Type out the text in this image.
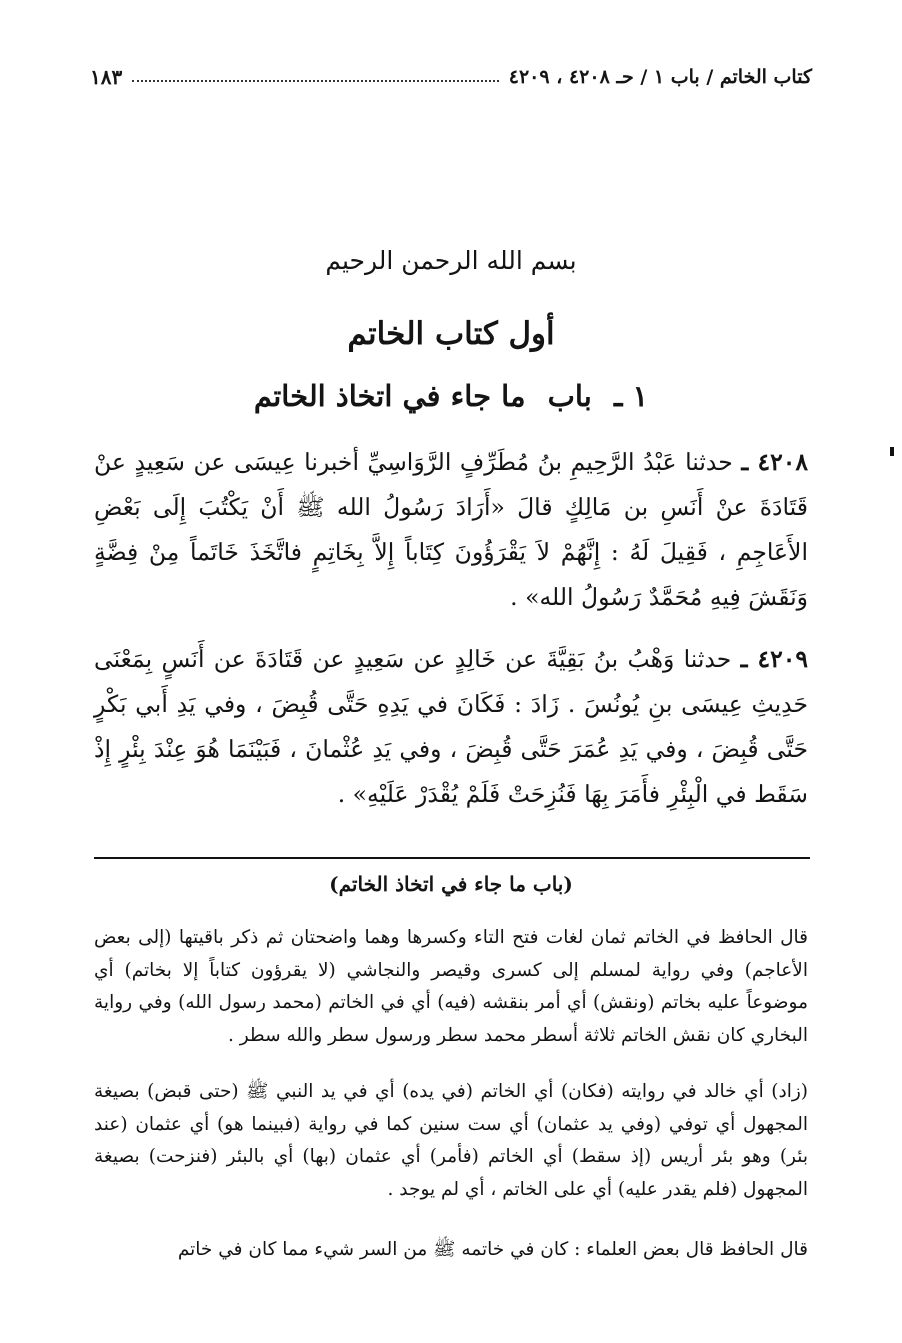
كتاب الخاتم / باب ١ / حـ ٤٢٠٨ ، ٤٢٠٩
١٨٣
بسم الله الرحمن الرحيم
أول كتاب الخاتم
١ ـ باب ما جاء في اتخاذ الخاتم
٤٢٠٨ ـ حدثنا عَبْدُ الرَّحِيمِ بنُ مُطَرِّفٍ الرَّوَاسِيِّ أخبرنا عِيسَى عن سَعِيدٍ عنْ قَتَادَةَ عنْ أَنَسِ بن مَالِكٍ قالَ «أَرَادَ رَسُولُ الله ﷺ أَنْ يَكْتُبَ إِلَى بَعْضِ الأَعَاجِمِ ، فَقِيلَ لَهُ : إِنَّهُمْ لاَ يَقْرَؤُونَ كِتَاباً إِلاَّ بِخَاتِمٍ فاتَّخَذَ خَاتَماً مِنْ فِضَّةٍ وَنَقَشَ فِيهِ مُحَمَّدٌ رَسُولُ الله» .
٤٢٠٩ ـ حدثنا وَهْبُ بنُ بَقِيَّةَ عن خَالِدٍ عن سَعِيدٍ عن قَتَادَةَ عن أَنَسٍ بِمَعْنَى حَدِيثِ عِيسَى بنِ يُونُسَ . زَادَ : فَكَانَ في يَدِهِ حَتَّى قُبِضَ ، وفي يَدِ أَبي بَكْرٍ حَتَّى قُبِضَ ، وفي يَدِ عُمَرَ حَتَّى قُبِضَ ، وفي يَدِ عُثْمانَ ، فَبَيْنَمَا هُوَ عِنْدَ بِئْرٍ إِذْ سَقَط في الْبِئْرِ فأَمَرَ بِهَا فَنُزِحَتْ فَلَمْ يُقْدَرْ عَلَيْهِ» .
(باب ما جاء في اتخاذ الخاتم)

قال الحافظ في الخاتم ثمان لغات فتح التاء وكسرها وهما واضحتان ثم ذكر باقيتها (إلى بعض الأعاجم) وفي رواية لمسلم إلى كسرى وقيصر والنجاشي (لا يقرؤون كتاباً إلا بخاتم) أي موضوعاً عليه بخاتم (ونقش) أي أمر بنقشه (فيه) أي في الخاتم (محمد رسول الله) وفي رواية البخاري كان نقش الخاتم ثلاثة أسطر محمد سطر ورسول سطر والله سطر .

(زاد) أي خالد في روايته (فكان) أي الخاتم (في يده) أي في يد النبي ﷺ (حتى قبض) بصيغة المجهول أي توفي (وفي يد عثمان) أي ست سنين كما في رواية (فبينما هو) أي عثمان (عند بئر) وهو بئر أريس (إذ سقط) أي الخاتم (فأمر) أي عثمان (بها) أي بالبئر (فنزحت) بصيغة المجهول (فلم يقدر عليه) أي على الخاتم ، أي لم يوجد .

قال الحافظ قال بعض العلماء : كان في خاتمه ﷺ من السر شيء مما كان في خاتم
